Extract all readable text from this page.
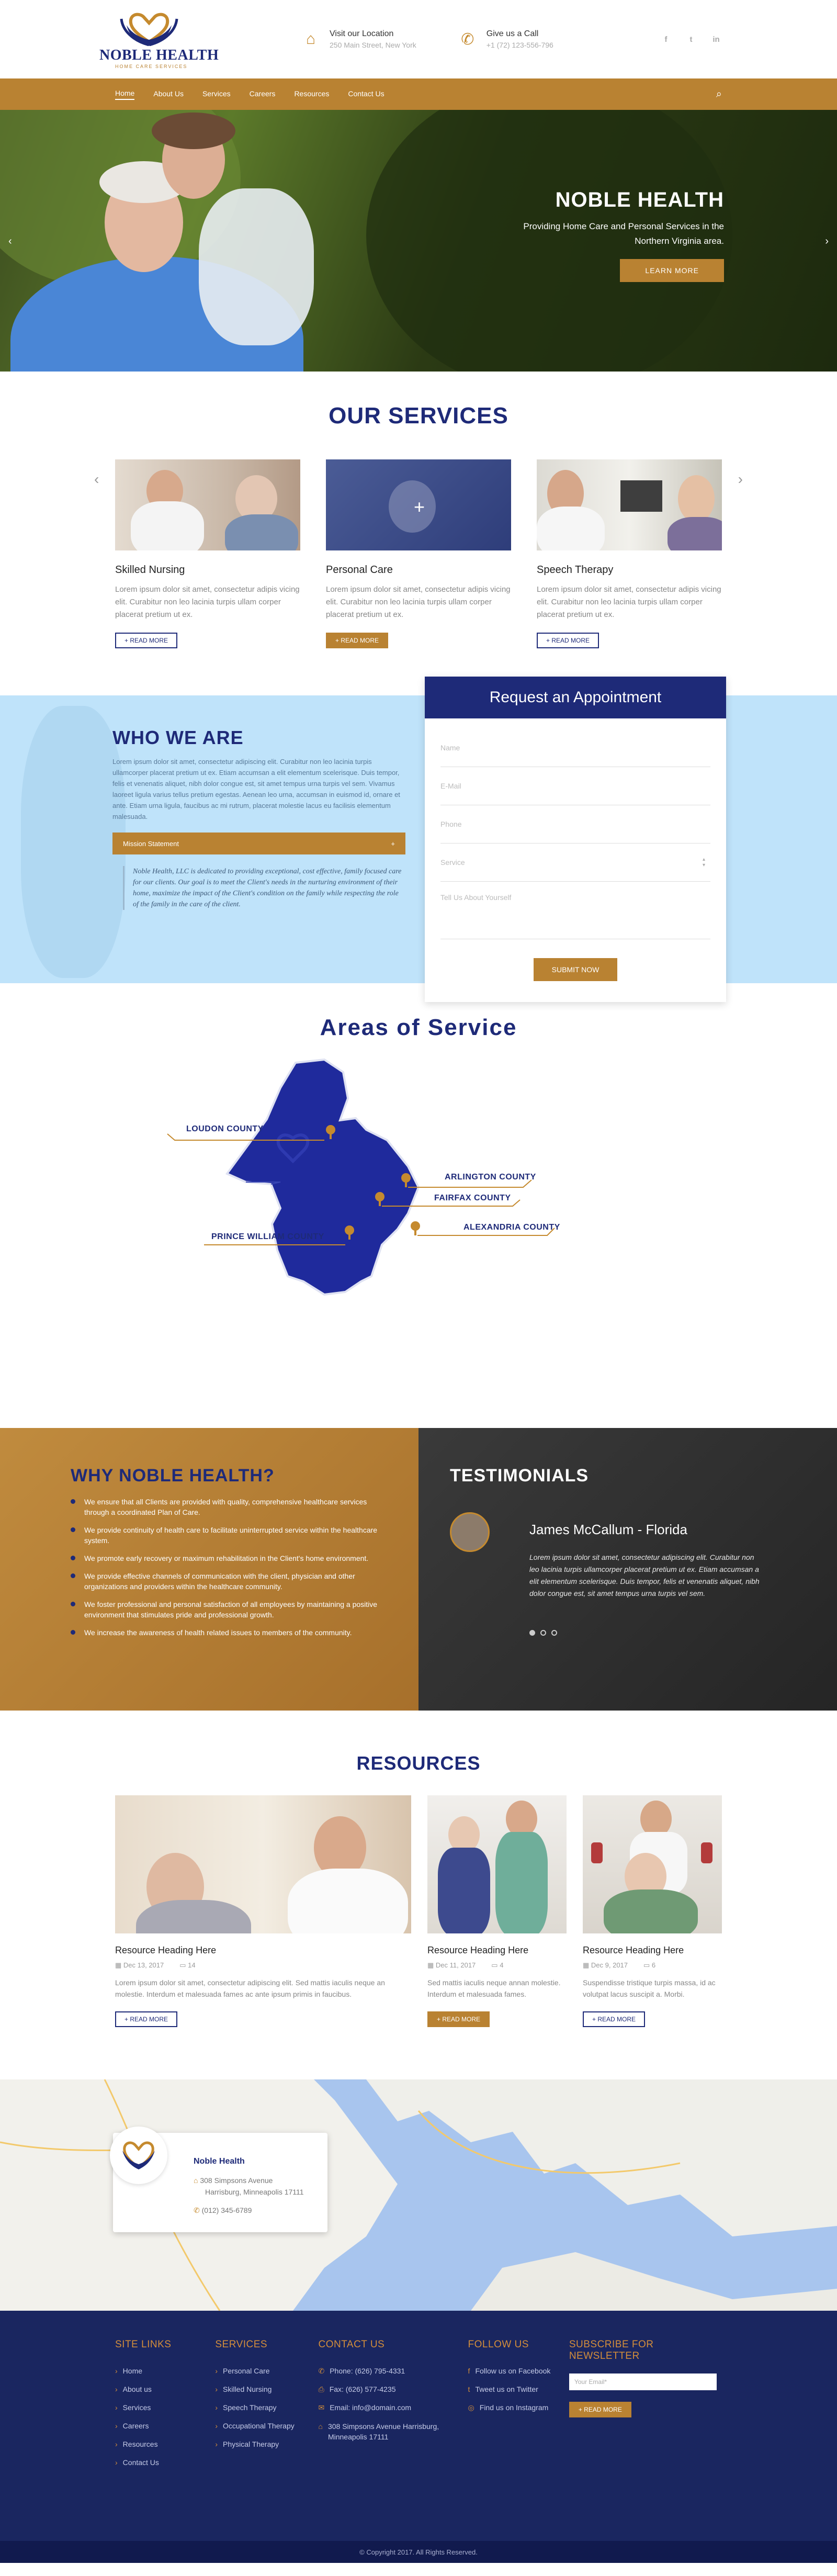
NOBLE HEALTH
HOME CARE SERVICES
⌂	Visit our Location
250 Main Street, New York	✆	Give us a Call
+1 (72) 123-556-796
f	t	in
Home	About Us	Services	Careers	Resources	Contact Us	⌕
‹	›
NOBLE HEALTH

Providing Home Care and Personal Services in the Northern Virginia area.

LEARN MORE
OUR SERVICES
‹	›
Skilled Nursing

Lorem ipsum dolor sit amet, consectetur adipis vicing elit. Curabitur non leo lacinia turpis ullam corper placerat pretium ut ex.

+ READ MORE
+
Personal Care

Lorem ipsum dolor sit amet, consectetur adipis vicing elit. Curabitur non leo lacinia turpis ullam corper placerat pretium ut ex.

+ READ MORE
Speech Therapy

Lorem ipsum dolor sit amet, consectetur adipis vicing elit. Curabitur non leo lacinia turpis ullam corper placerat pretium ut ex.

+ READ MORE
WHO WE ARE

Lorem ipsum dolor sit amet, consectetur adipiscing elit. Curabitur non leo lacinia turpis ullamcorper placerat pretium ut ex. Etiam accumsan a elit elementum scelerisque. Duis tempor, felis et venenatis aliquet, nibh dolor congue est, sit amet tempus urna turpis vel sem. Vivamus laoreet ligula varius tellus pretium egestas. Aenean leo urna, accumsan in euismod id, ornare et ante. Etiam urna ligula, faucibus ac mi rutrum, placerat molestie lacus eu facilisis elementum malesuada.

Mission Statement	+
Noble Health, LLC is dedicated to providing exceptional, cost effective, family focused care for our clients. Our goal is to meet the Client's needs in the nurturing environment of their home, maximize the impact of the Client's condition on the family while respecting the role of the family in the care of the client.
Request an Appointment
Name
E-Mail
Phone
Service	▴
▾
Tell Us About Yourself
SUBMIT NOW
Areas of Service
LOUDON COUNTY
ARLINGTON COUNTY
FAIRFAX COUNTY
PRINCE WILLIAM COUNTY
ALEXANDRIA COUNTY
WHY NOBLE HEALTH?
We ensure that all Clients are provided with quality, comprehensive healthcare services through a coordinated Plan of Care.
We provide continuity of health care to facilitate uninterrupted service within the healthcare system.
We promote early recovery or maximum rehabilitation in the Client's home environment.
We provide effective channels of communication with the client, physician and other organizations and providers within the healthcare community.
We foster professional and personal satisfaction of all employees by maintaining a positive environment that stimulates pride and professional growth.
We increase the awareness of health related issues to members of the community.
TESTIMONIALS
James McCallum - Florida
Lorem ipsum dolor sit amet, consectetur adipiscing elit. Curabitur non leo lacinia turpis ullamcorper placerat pretium ut ex. Etiam accumsan a elit elementum scelerisque. Duis tempor, felis et venenatis aliquet, nibh dolor congue est, sit amet tempus urna turpis vel sem.
RESOURCES
Resource Heading Here
▦ Dec 13, 2017 ▭ 14

Lorem ipsum dolor sit amet, consectetur adipiscing elit. Sed mattis iaculis neque an molestie. Interdum et malesuada fames ac ante ipsum primis in faucibus.

+ READ MORE
Resource Heading Here
▦ Dec 11, 2017 ▭ 4

Sed mattis iaculis neque annan molestie. Interdum et malesuada fames.

+ READ MORE
Resource Heading Here
▦ Dec 9, 2017 ▭ 6

Suspendisse tristique turpis massa, id ac volutpat lacus suscipit a. Morbi.

+ READ MORE
Noble Health
⌂ 308 Simpsons Avenue
Harrisburg, Minneapolis 17111
✆ (012) 345-6789
SITE LINKS
› Home
› About us
› Services
› Careers
› Resources
› Contact Us
SERVICES
› Personal Care
› Skilled Nursing
› Speech Therapy
› Occupational Therapy
› Physical Therapy
CONTACT US
✆ Phone: (626) 795-4331
⎙ Fax: (626) 577-4235
✉ Email: info@domain.com
⌂ 308 Simpsons Avenue Harrisburg, Minneapolis 17111
FOLLOW US
f Follow us on Facebook
t Tweet us on Twitter
◎ Find us on Instagram
SUBSCRIBE FOR NEWSLETTER
Your Email*
+ READ MORE
© Copyright 2017. All Rights Reserved.
